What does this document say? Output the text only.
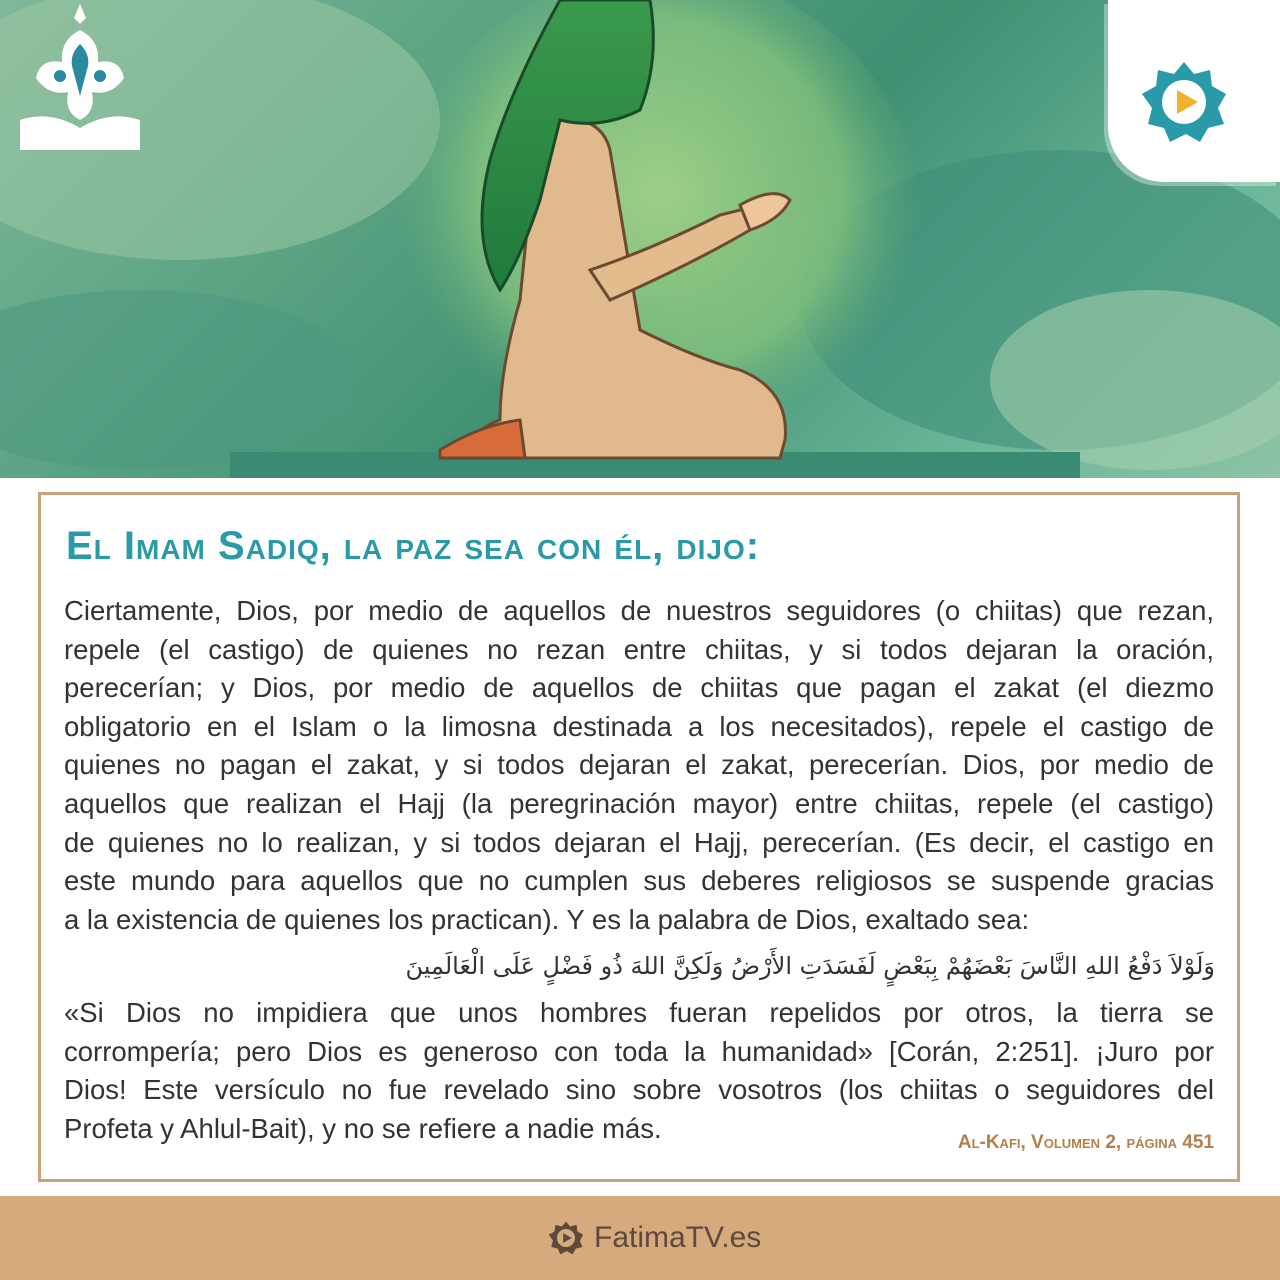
El Imam Sadiq, la paz sea con él, dijo:
Ciertamente, Dios, por medio de aquellos de nuestros seguidores (o chiitas) que rezan,
repele (el castigo) de quienes no rezan entre chiitas, y si todos dejaran la oración,
perecerían; y Dios, por medio de aquellos de chiitas que pagan el zakat (el diezmo
obligatorio en el Islam o la limosna destinada a los necesitados), repele el castigo de
quienes no pagan el zakat, y si todos dejaran el zakat, perecerían. Dios, por medio de
aquellos que realizan el Hajj (la peregrinación mayor) entre chiitas, repele (el castigo)
de quienes no lo realizan, y si todos dejaran el Hajj, perecerían. (Es decir, el castigo en
este mundo para aquellos que no cumplen sus deberes religiosos se suspende gracias
a la existencia de quienes los practican). Y es la palabra de Dios, exaltado sea:
وَلَوْلاَ دَفْعُ اللهِ النَّاسَ بَعْضَهُمْ بِبَعْضٍ لَفَسَدَتِ الأَرْضُ وَلَكِنَّ اللهَ ذُو فَضْلٍ عَلَى الْعَالَمِينَ
«Si Dios no impidiera que unos hombres fueran repelidos por otros, la tierra se
corrompería; pero Dios es generoso con toda la humanidad» [Corán, 2:251]. ¡Juro por
Dios! Este versículo no fue revelado sino sobre vosotros (los chiitas o seguidores del
Profeta y Ahlul-Bait), y no se refiere a nadie más.	Al-Kafi, Volumen 2, página 451
FatimaTV.es
